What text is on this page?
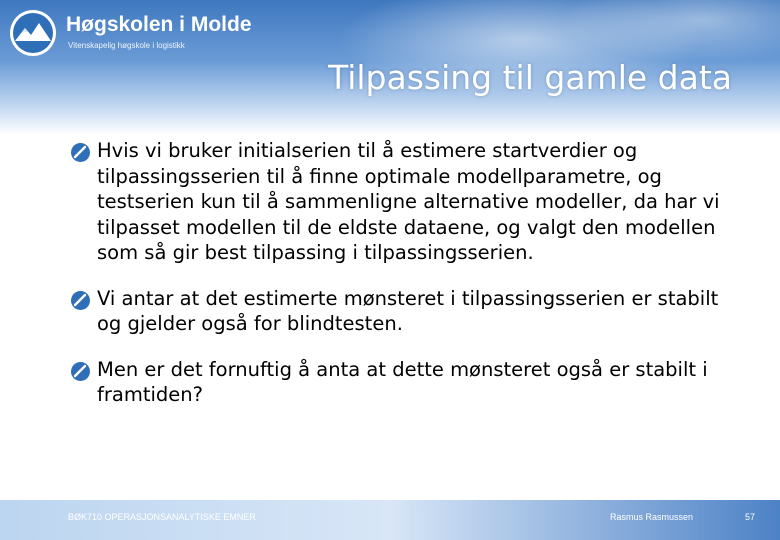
Høgskolen i Molde
Vitenskapelig høgskole i logistikk
Tilpassing til gamle data
Hvis vi bruker initialserien til å estimere startverdier og tilpassingsserien til å finne optimale modellparametre, og testserien kun til å sammenligne alternative modeller, da har vi tilpasset modellen til de eldste dataene, og valgt den modellen som så gir best tilpassing i tilpassingsserien.
Vi antar at det estimerte mønsteret i tilpassingsserien er stabilt og gjelder også for blindtesten.
Men er det fornuftig å anta at dette mønsteret også er stabilt i framtiden?
BØK710 OPERASJONSANALYTISKE EMNER	Rasmus Rasmussen	57
